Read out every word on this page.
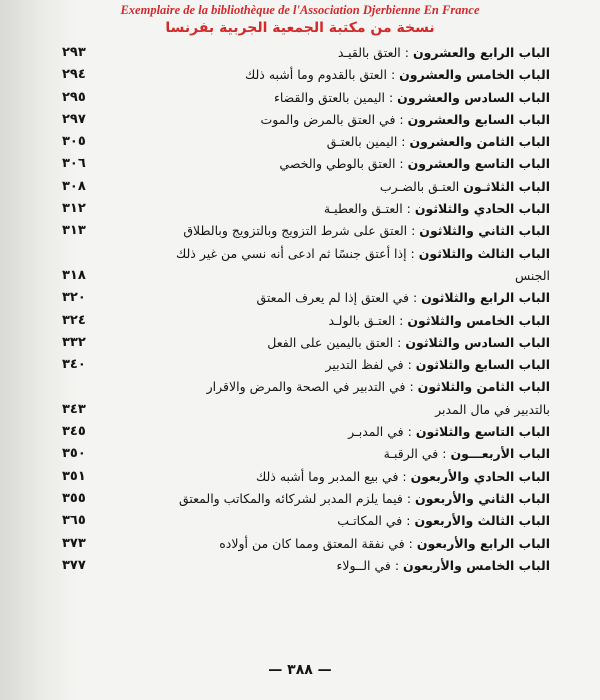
Exemplaire de la bibliothèque de l'Association Djerbienne En France
نسخة من مكتبة الجمعية الجربية بفرنسا
الباب الرابع والعشرون : العتق بالقيـد
٢٩٣
الباب الخامس والعشرون : العتق بالقدوم وما أشبه ذلك
٢٩٤
الباب السادس والعشرون : اليمين بالعتق والقضاء
٢٩٥
الباب السابع والعشرون : في العتق بالمرض والموت
٢٩٧
الباب الثامن والعشرون : اليمين بالعتـق
٣٠٥
الباب التاسع والعشرون : العتق بالوطي والخصي
٣٠٦
الباب الثلاثـون العتـق بالضـرب
٣٠٨
الباب الحادي والثلاثون : العتـق والعطيـة
٣١٢
الباب الثاني والثلاثون : العتق على شرط التزويج وبالتزويج وبالطلاق
٣١٣
الباب الثالث والثلاثون : إذا أعتق جنسًا ثم ادعى أنه نسي من غير ذلك
الجنس
٣١٨
الباب الرابع والثلاثون : في العتق إذا لم يعرف المعتق
٣٢٠
الباب الخامس والثلاثون : العتـق بالولـد
٣٢٤
الباب السادس والثلاثون : العتق باليمين على الفعل
٣٣٢
الباب السابع والثلاثون : في لفظ التدبير
٣٤٠
الباب الثامن والثلاثون : في التدبير في الصحة والمرض والاقرار
بالتدبير في مال المدبر
٣٤٣
الباب التاسع والثلاثون : في المدبـر
٣٤٥
الباب الأربعـــون : في الرقبـة
٣٥٠
الباب الحادي والأربعون : في بيع المدبر وما أشبه ذلك
٣٥١
الباب الثاني والأربعون : فيما يلزم المدبر لشركائه والمكاتب والمعتق
٣٥٥
الباب الثالث والأربعون : في المكاتـب
٣٦٥
الباب الرابع والأربعون : في نفقة المعتق ومما كان من أولاده
٣٧٣
الباب الخامس والأربعون : في الــولاء
٣٧٧
— ٣٨٨ —
